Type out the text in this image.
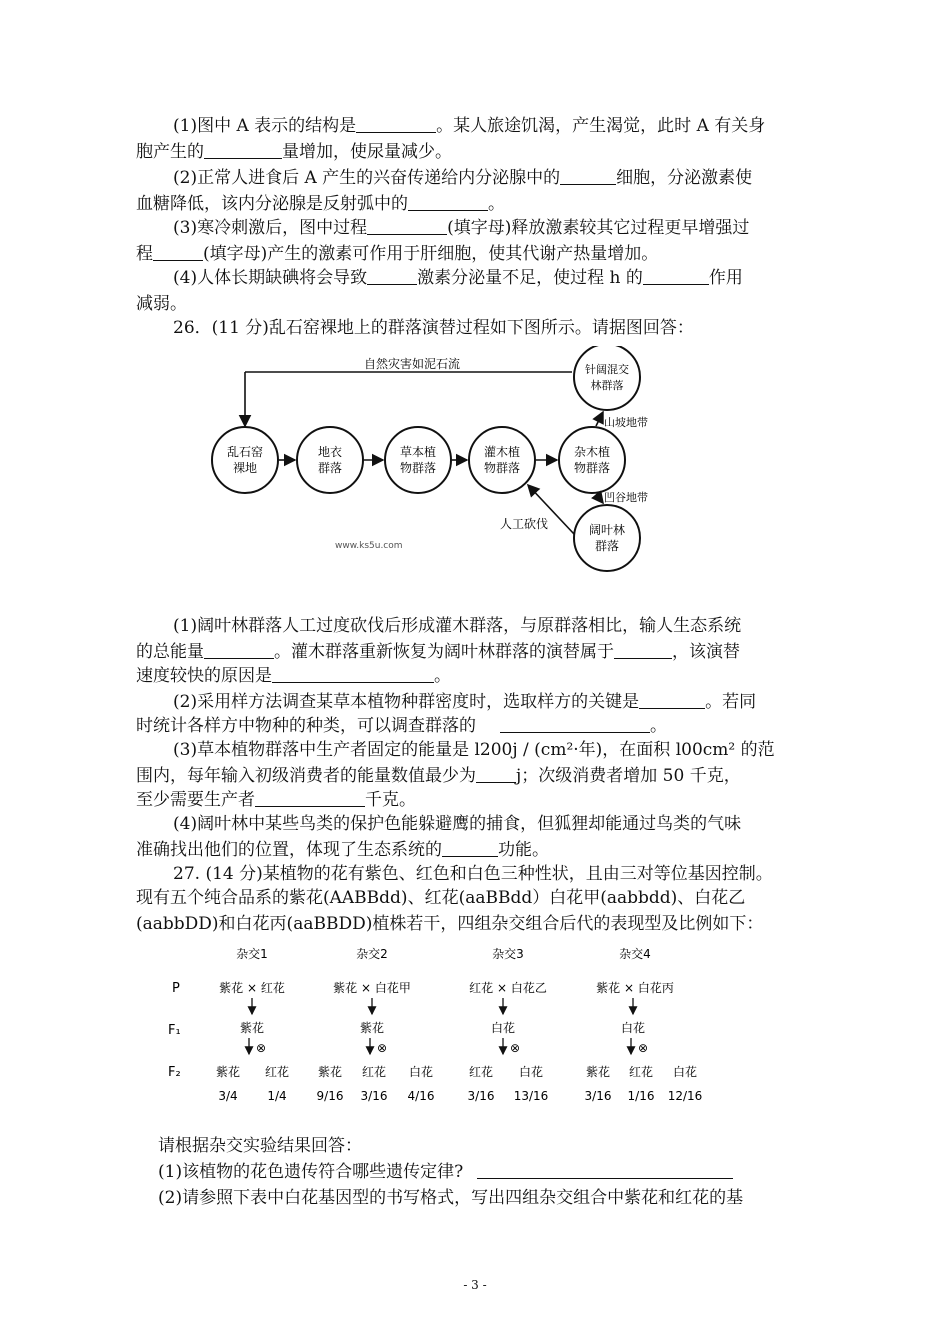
(1)图中 A 表示的结构是	。某人旅途饥渴，产生渴觉，此时 A 有关身
胞产生的	量增加，使尿量减少。
(2)正常人进食后 A 产生的兴奋传递给内分泌腺中的	细胞，分泌激素使
血糖降低，该内分泌腺是反射弧中的	。
(3)寒冷刺激后，图中过程	(填字母)释放激素较其它过程更早增强过
程	(填字母)产生的激素可作用于肝细胞，使其代谢产热量增加。
(4)人体长期缺碘将会导致	激素分泌量不足，使过程 h 的	作用
减弱。
26．(11 分)乱石窑裸地上的群落演替过程如下图所示。请据图回答：
自然灾害如泥石流
乱石窑
裸地
地衣
群落
草本植
物群落
灌木植
物群落
杂木植
物群落
针阔混交
林群落
阔叶林
群落
山坡地带
凹谷地带
人工砍伐
www.ks5u.com
(1)阔叶林群落人工过度砍伐后形成灌木群落，与原群落相比，输人生态系统
的总能量	。灌木群落重新恢复为阔叶林群落的演替属于	，该演替
速度较快的原因是	。
(2)采用样方法调查某草本植物种群密度时，选取样方的关键是	。若同
时统计各样方中物种的种类，可以调查群落的	。
(3)草本植物群落中生产者固定的能量是 l200j / (cm²·年)，在面积 l00cm² 的范
围内，每年输入初级消费者的能量数值最少为 j；次级消费者增加 50 千克，
至少需要生产者	千克。
(4)阔叶林中某些鸟类的保护色能躲避鹰的捕食，但狐狸却能通过鸟类的气味
准确找出他们的位置，体现了生态系统的	功能。
27. (14 分)某植物的花有紫色、红色和白色三种性状，且由三对等位基因控制。
现有五个纯合品系的紫花(AABBdd)、红花(aaBBdd）白花甲(aabbdd)、白花乙
(aabbDD)和白花丙(aaBBDD)植株若干，四组杂交组合后代的表现型及比例如下：
P
F₁
F₂
杂交1
紫花 × 红花
紫花
⊗
紫花 红花
3/4 1/4
杂交2
紫花 × 白花甲
紫花
⊗
紫花 红花 白花
9/16 3/16 4/16
杂交3
红花 × 白花乙
白花
⊗
红花 白花
3/16 13/16
杂交4
紫花 × 白花丙
白花
⊗
紫花 红花 白花
3/16 1/16 12/16
请根据杂交实验结果回答：
(1)该植物的花色遗传符合哪些遗传定律?
(2)请参照下表中白花基因型的书写格式，写出四组杂交组合中紫花和红花的基
- 3 -
